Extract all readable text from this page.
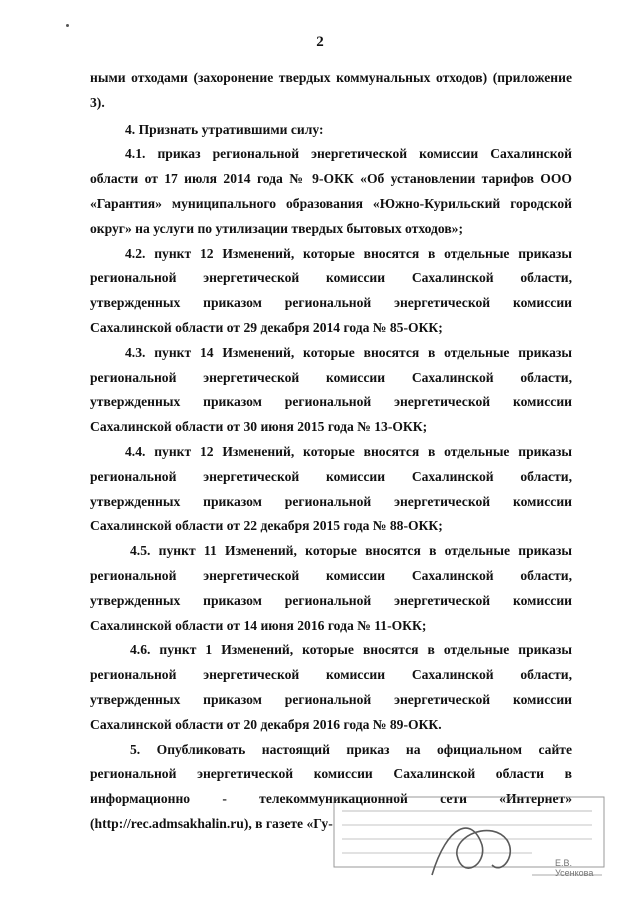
2

ными отходами (захоронение твердых коммунальных отходов) (приложение 3).

4. Признать утратившими силу:

4.1. приказ региональной энергетической комиссии Сахалинской области от 17 июля 2014 года № 9-ОКК «Об установлении тарифов ООО «Гарантия» муниципального образования «Южно-Курильский городской округ» на услуги по утилизации твердых бытовых отходов»;

4.2. пункт 12 Изменений, которые вносятся в отдельные приказы региональной энергетической комиссии Сахалинской области, утвержденных приказом региональной энергетической комиссии Сахалинской области от 29 декабря 2014 года № 85-ОКК;

4.3. пункт 14 Изменений, которые вносятся в отдельные приказы региональной энергетической комиссии Сахалинской области, утвержденных приказом региональной энергетической комиссии Сахалинской области от 30 июня 2015 года № 13-ОКК;

4.4. пункт 12 Изменений, которые вносятся в отдельные приказы региональной энергетической комиссии Сахалинской области, утвержденных приказом региональной энергетической комиссии Сахалинской области от 22 декабря 2015 года № 88-ОКК;

4.5. пункт 11 Изменений, которые вносятся в отдельные приказы региональной энергетической комиссии Сахалинской области, утвержденных приказом региональной энергетической комиссии Сахалинской области от 14 июня 2016 года № 11-ОКК;

4.6. пункт 1 Изменений, которые вносятся в отдельные приказы региональной энергетической комиссии Сахалинской области, утвержденных приказом региональной энергетической комиссии Сахалинской области от 20 декабря 2016 года № 89-ОКК.

5. Опубликовать настоящий приказ на официальном сайте региональной энергетической комиссии Сахалинской области в информационно - телекоммуникационной сети «Интернет» (http://rec.admsakhalin.ru), в газете «Гу-

Е.В. Усенкова
